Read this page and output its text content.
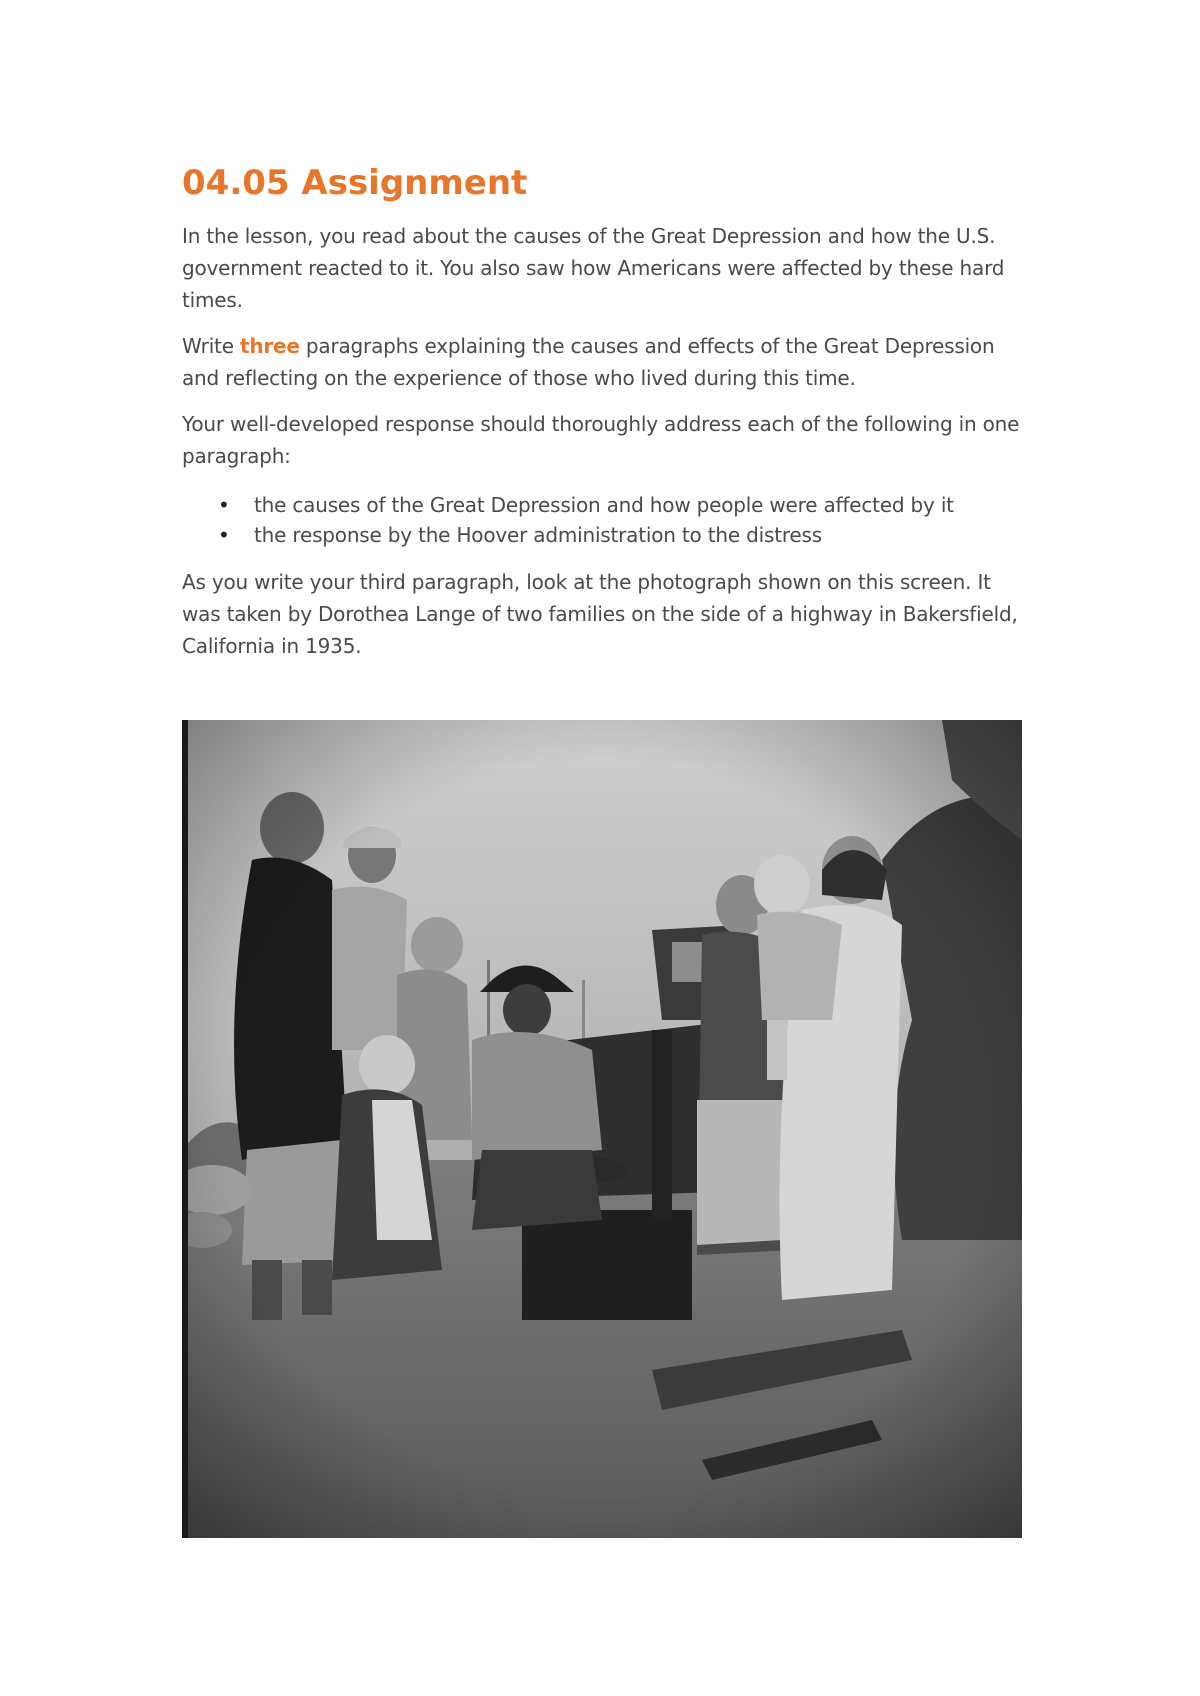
04.05 Assignment

In the lesson, you read about the causes of the Great Depression and how the U.S. government reacted to it. You also saw how Americans were affected by these hard times.

Write three paragraphs explaining the causes and effects of the Great Depression and reflecting on the experience of those who lived during this time.

Your well-developed response should thoroughly address each of the following in one paragraph:

• the causes of the Great Depression and how people were affected by it
• the response by the Hoover administration to the distress

As you write your third paragraph, look at the photograph shown on this screen. It was taken by Dorothea Lange of two families on the side of a highway in Bakersfield, California in 1935.
